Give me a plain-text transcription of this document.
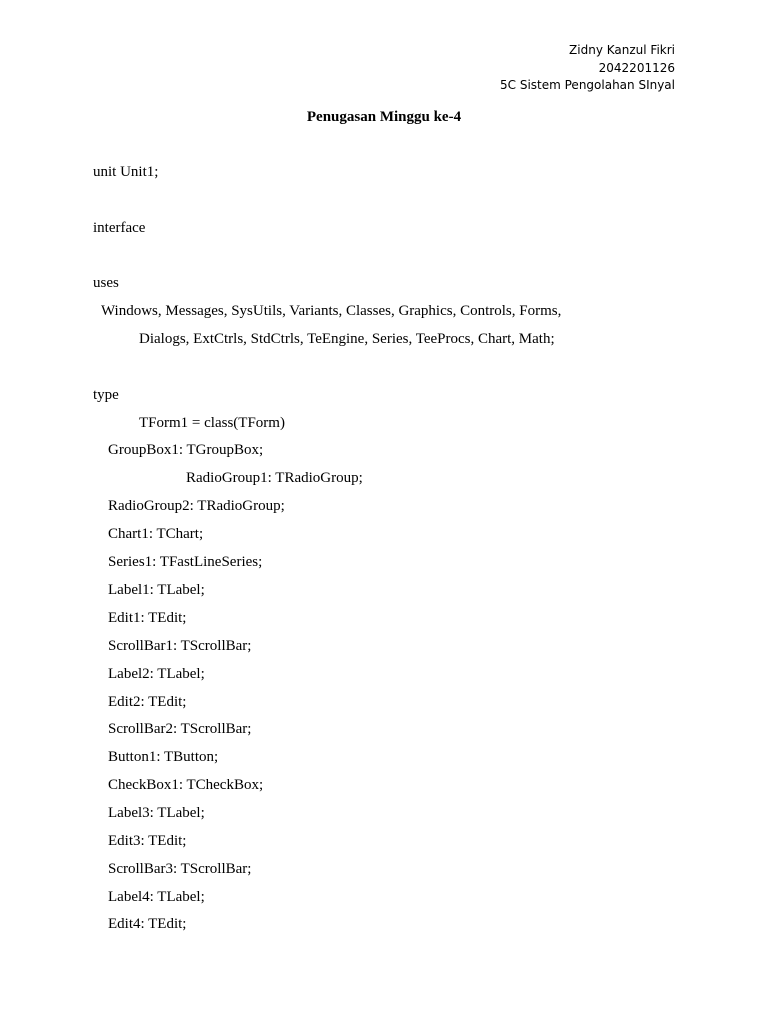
Zidny Kanzul Fikri
2042201126
5C Sistem Pengolahan SInyal
Penugasan Minggu ke-4
unit Unit1;
interface
uses
Windows, Messages, SysUtils, Variants, Classes, Graphics, Controls, Forms,
Dialogs, ExtCtrls, StdCtrls, TeEngine, Series, TeeProcs, Chart, Math;
type
TForm1 = class(TForm)
GroupBox1: TGroupBox;
RadioGroup1: TRadioGroup;
RadioGroup2: TRadioGroup;
Chart1: TChart;
Series1: TFastLineSeries;
Label1: TLabel;
Edit1: TEdit;
ScrollBar1: TScrollBar;
Label2: TLabel;
Edit2: TEdit;
ScrollBar2: TScrollBar;
Button1: TButton;
CheckBox1: TCheckBox;
Label3: TLabel;
Edit3: TEdit;
ScrollBar3: TScrollBar;
Label4: TLabel;
Edit4: TEdit;
